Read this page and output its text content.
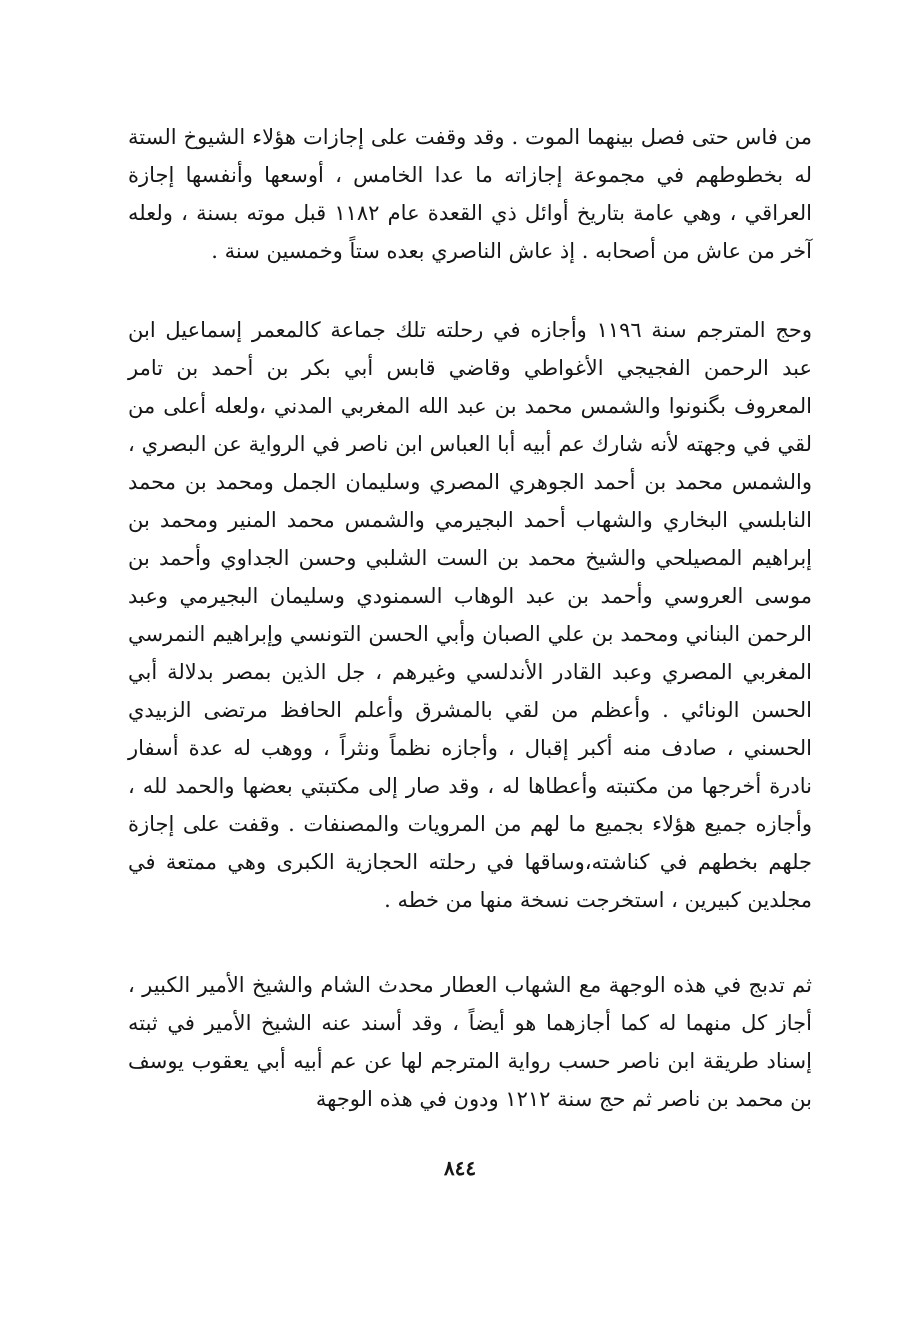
من فاس حتى فصل بينهما الموت . وقد وقفت على إجازات هؤلاء الشيوخ الستة له بخطوطهم في مجموعة إجازاته ما عدا الخامس ، أوسعها وأنفسها إجازة العراقي ، وهي عامة بتاريخ أوائل ذي القعدة عام ١١٨٢ قبل موته بسنة ، ولعله آخر من عاش من أصحابه . إذ عاش الناصري بعده ستاً وخمسين سنة .

وحج المترجم سنة ١١٩٦ وأجازه في رحلته تلك جماعة كالمعمر إسماعيل ابن عبد الرحمن الفجيجي الأغواطي وقاضي قابس أبي بكر بن أحمد بن تامر المعروف بگنونوا والشمس محمد بن عبد الله المغربي المدني ،ولعله أعلى من لقي في وجهته لأنه شارك عم أبيه أبا العباس ابن ناصر في الرواية عن البصري ، والشمس محمد بن أحمد الجوهري المصري وسليمان الجمل ومحمد بن محمد النابلسي البخاري والشهاب أحمد البجيرمي والشمس محمد المنير ومحمد بن إبراهيم المصيلحي والشيخ محمد بن الست الشلبي وحسن الجداوي وأحمد بن موسى العروسي وأحمد بن عبد الوهاب السمنودي وسليمان البجيرمي وعبد الرحمن البناني ومحمد بن علي الصبان وأبي الحسن التونسي وإبراهيم النمرسي المغربي المصري وعبد القادر الأندلسي وغيرهم ، جل الذين بمصر بدلالة أبي الحسن الونائي . وأعظم من لقي بالمشرق وأعلم الحافظ مرتضى الزبيدي الحسني ، صادف منه أكبر إقبال ، وأجازه نظماً ونثراً ، ووهب له عدة أسفار نادرة أخرجها من مكتبته وأعطاها له ، وقد صار إلى مكتبتي بعضها والحمد لله ، وأجازه جميع هؤلاء بجميع ما لهم من المرويات والمصنفات . وقفت على إجازة جلهم بخطهم في كناشته،وساقها في رحلته الحجازية الكبرى وهي ممتعة في مجلدين كبيرين ، استخرجت نسخة منها من خطه .

ثم تدبج في هذه الوجهة مع الشهاب العطار محدث الشام والشيخ الأمير الكبير ، أجاز كل منهما له كما أجازهما هو أيضاً ، وقد أسند عنه الشيخ الأمير في ثبته إسناد طريقة ابن ناصر حسب رواية المترجم لها عن عم أبيه أبي يعقوب يوسف بن محمد بن ناصر ثم حج سنة ١٢١٢ ودون في هذه الوجهة

٨٤٤
